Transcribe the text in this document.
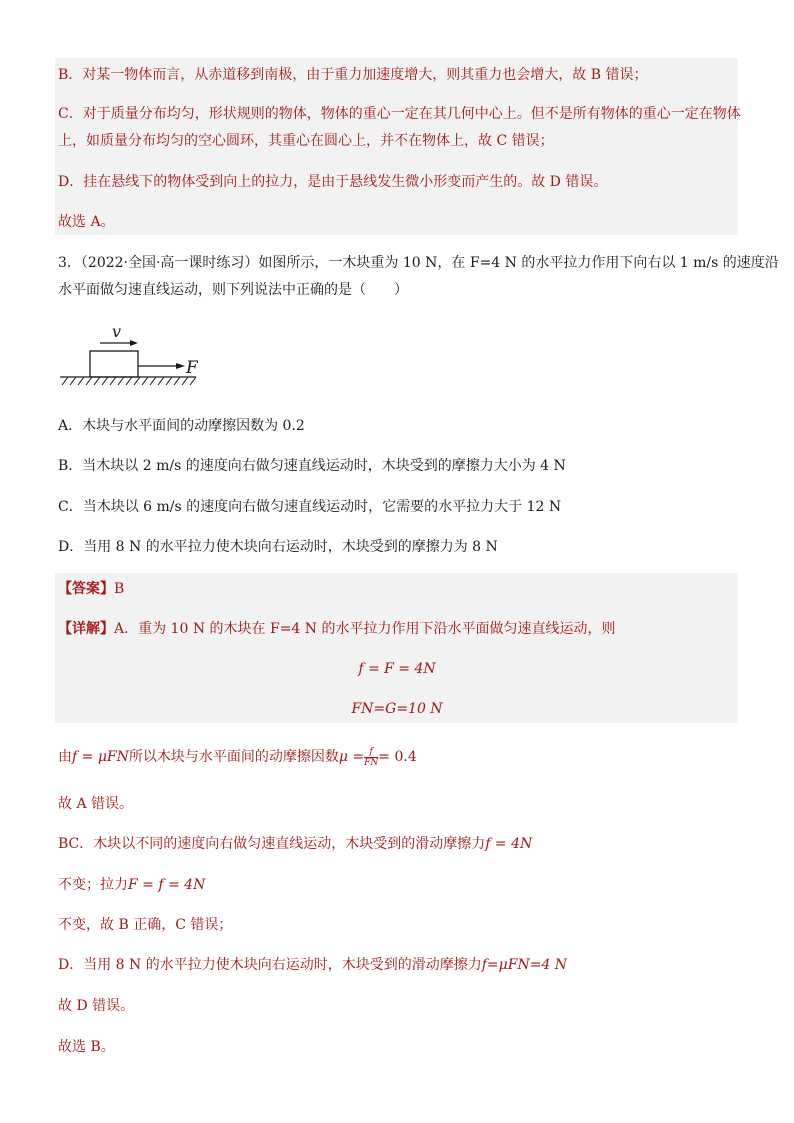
B．对某一物体而言，从赤道移到南极，由于重力加速度增大，则其重力也会增大，故 B 错误；
C．对于质量分布均匀，形状规则的物体，物体的重心一定在其几何中心上。但不是所有物体的重心一定在物体
上，如质量分布均匀的空心圆环，其重心在圆心上，并不在物体上，故 C 错误；
D．挂在悬线下的物体受到向上的拉力，是由于悬线发生微小形变而产生的。故 D 错误。
故选 A。
3．（2022·全国·高一课时练习）如图所示，一木块重为 10 N，在 F=4 N 的水平拉力作用下向右以 1 m/s 的速度沿
水平面做匀速直线运动，则下列说法中正确的是（　　）
v
F
A．木块与水平面间的动摩擦因数为 0.2
B．当木块以 2 m/s 的速度向右做匀速直线运动时，木块受到的摩擦力大小为 4 N
C．当木块以 6 m/s 的速度向右做匀速直线运动时，它需要的水平拉力大于 12 N
D．当用 8 N 的水平拉力使木块向右运动时，木块受到的摩擦力为 8 N
【答案】B
【详解】A．重为 10 N 的木块在 F=4 N 的水平拉力作用下沿水平面做匀速直线运动，则
f = F = 4N
FN=G=10 N
由f = μFN所以木块与水平面间的动摩擦因数$\mu = \frac{f}{FN} = 0.4$
故 A 错误。
BC．木块以不同的速度向右做匀速直线运动，木块受到的滑动摩擦力f = 4N
不变；拉力F = f = 4N
不变，故 B 正确，C 错误；
D．当用 8 N 的水平拉力使木块向右运动时，木块受到的滑动摩擦力f=μFN=4 N
故 D 错误。
故选 B。
